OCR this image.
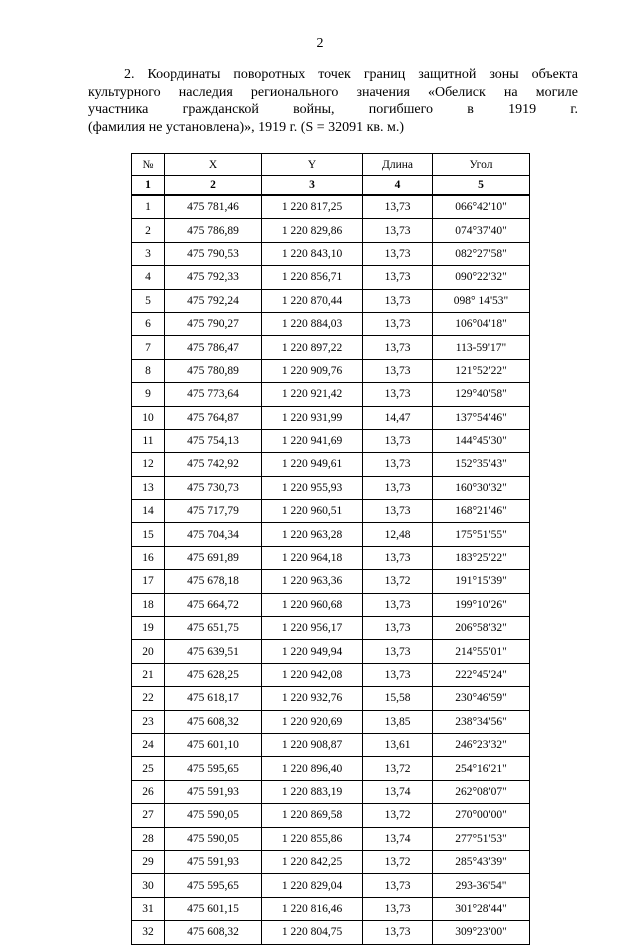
2
2. Координаты поворотных точек границ защитной зоны объекта
культурного наследия регионального значения «Обелиск на могиле
участника гражданской войны, погибшего в 1919 г.
(фамилия не установлена)», 1919 г. (S = 32091 кв. м.)
№	X	Y	Длина	Угол
1	2	3	4	5
1	475 781,46	1 220 817,25	13,73	066°42'10"
2	475 786,89	1 220 829,86	13,73	074°37'40"
3	475 790,53	1 220 843,10	13,73	082°27'58"
4	475 792,33	1 220 856,71	13,73	090°22'32"
5	475 792,24	1 220 870,44	13,73	098° 14'53"
6	475 790,27	1 220 884,03	13,73	106°04'18"
7	475 786,47	1 220 897,22	13,73	113-59'17"
8	475 780,89	1 220 909,76	13,73	121°52'22"
9	475 773,64	1 220 921,42	13,73	129°40'58"
10	475 764,87	1 220 931,99	14,47	137°54'46"
11	475 754,13	1 220 941,69	13,73	144°45'30"
12	475 742,92	1 220 949,61	13,73	152°35'43"
13	475 730,73	1 220 955,93	13,73	160°30'32"
14	475 717,79	1 220 960,51	13,73	168°21'46"
15	475 704,34	1 220 963,28	12,48	175°51'55"
16	475 691,89	1 220 964,18	13,73	183°25'22"
17	475 678,18	1 220 963,36	13,72	191°15'39"
18	475 664,72	1 220 960,68	13,73	199°10'26"
19	475 651,75	1 220 956,17	13,73	206°58'32"
20	475 639,51	1 220 949,94	13,73	214°55'01"
21	475 628,25	1 220 942,08	13,73	222°45'24"
22	475 618,17	1 220 932,76	15,58	230°46'59"
23	475 608,32	1 220 920,69	13,85	238°34'56"
24	475 601,10	1 220 908,87	13,61	246°23'32"
25	475 595,65	1 220 896,40	13,72	254°16'21"
26	475 591,93	1 220 883,19	13,74	262°08'07"
27	475 590,05	1 220 869,58	13,72	270°00'00"
28	475 590,05	1 220 855,86	13,74	277°51'53"
29	475 591,93	1 220 842,25	13,72	285°43'39"
30	475 595,65	1 220 829,04	13,73	293-36'54"
31	475 601,15	1 220 816,46	13,73	301°28'44"
32	475 608,32	1 220 804,75	13,73	309°23'00"
